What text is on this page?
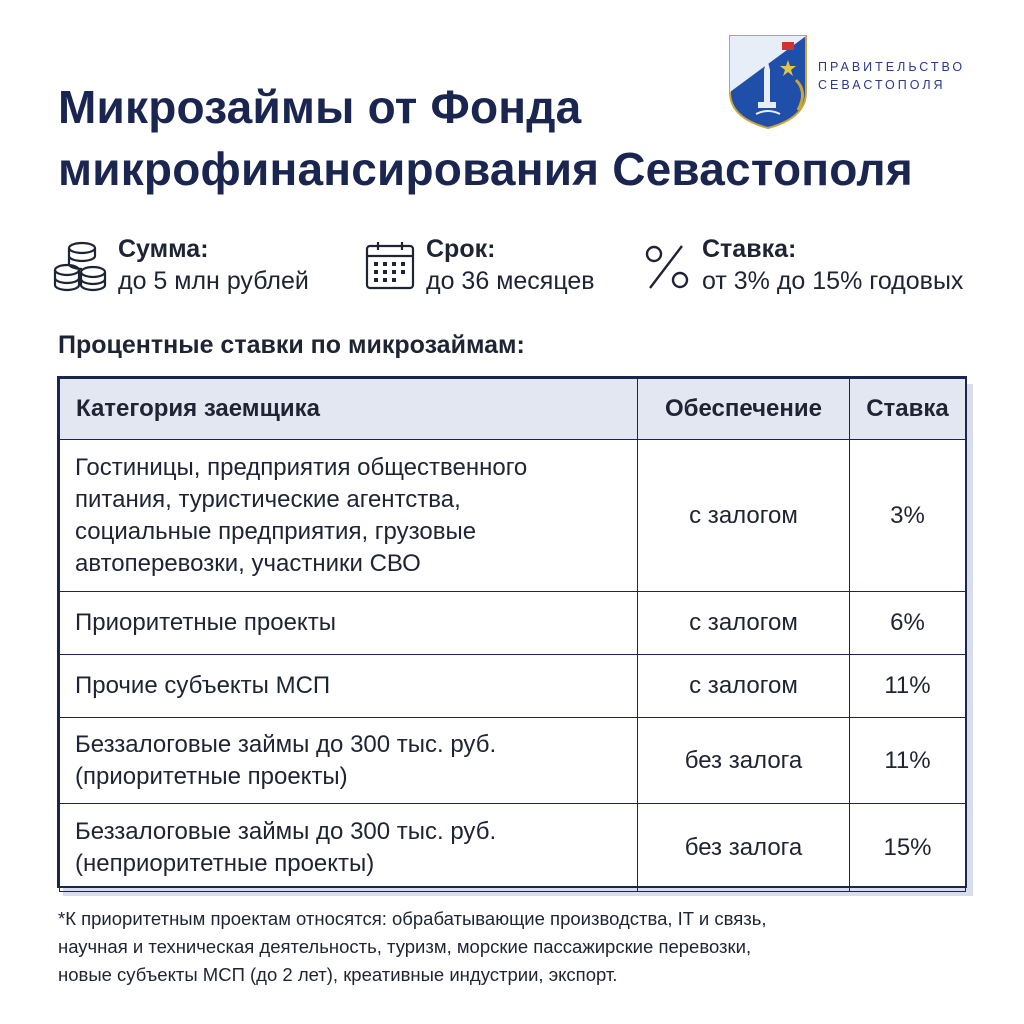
Микрозаймы от Фонда
микрофинансирования Севастополя
ПРАВИТЕЛЬСТВО
СЕВАСТОПОЛЯ
Сумма:
до 5 млн рублей
Срок:
до 36 месяцев
Ставка:
от 3% до 15% годовых
Процентные ставки по микрозаймам:
Категория заемщика	Обеспечение	Ставка

Гостиницы, предприятия общественного
питания, туристические агентства,
социальные предприятия, грузовые
автоперевозки, участники СВО	с залогом	3%

Приоритетные проекты	с залогом	6%

Прочие субъекты МСП	с залогом	11%

Беззалоговые займы до 300 тыс. руб.
(приоритетные проекты)	без залога	11%

Беззалоговые займы до 300 тыс. руб.
(неприоритетные проекты)	без залога	15%
*К приоритетным проектам относятся: обрабатывающие производства, IT и связь,
научная и техническая деятельность, туризм, морские пассажирские перевозки,
новые субъекты МСП (до 2 лет), креативные индустрии, экспорт.
